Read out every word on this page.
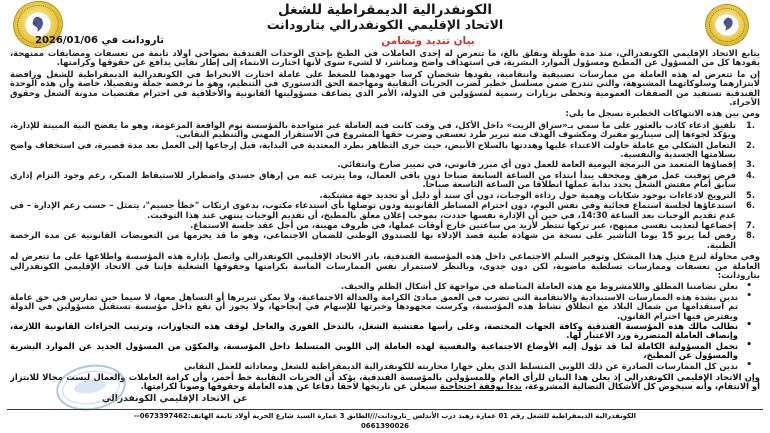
الكونفدرالية الديمقراطية للشغل
الاتحاد الإقليمي الكونفدرالي بتارودانت
بيان تنديد وتضامن
تارودانت في 2026/01/06

يتابع الاتحاد الإقليمي الكونفدرالي، منذ مدة طويلة وبقلق بالغ، ما تتعرض له إحدى العاملات في الطبخ بإحدى الوحدات الفندقية بضواحي أولاد تايمة من تعسفات ومضايقات ممنهجة، يقودها كل من المسؤول عن المطبخ ومسؤول الموارد البشرية، في استهداف واضح ومباشر، لا لشيء سوى لأنها اختارت الانتماء إلى إطار نقابي يدافع عن حقوقها وكرامتها.

إن ما تتعرض له هذه العاملة من ممارسات تضييقية وانتقامية، يقودها شخصان كرسا جهودهما للضغط على عاملة اختارت الانخراط في الكونفدرالية الديمقراطية للشغل ورافضة لابتزازهما وسلوكاتهما المشبوهة، والتي تندرج ضمن مسلسل خطير لضرب الحريات النقابية ومهاجمة الحق الدستوري في التنظيم، وهو ما نرفضه جملة وتفصيلا، خاصة وأن هذه الوحدة الفندقية تستفيد من الصفقات العمومية وتحظى بزيارات رسمية لمسؤولين في الدولة، الأمر الذي يضاعف مسؤوليتها القانونية والأخلاقية في احترام مقتضيات مدونة الشغل وحقوق الأجراء.

ومن بين هذه الانتهاكات الخطيرة نسجل ما يلي:

تلفيق ادعاء كاذب بالعثور على ما سمي بـ«سراق الزيت» داخل الأكل، في وقت كانت فيه العاملة غير متواجدة بالمؤسسة يوم الواقعة المزعومة، وهو ما يفضح النية المبيتة للإدارة، ويؤكد لجوءها إلى سيناريو مفبرك ومكشوف الهدف منه تبرير طرد تعسفي وضرب حقها المشروع في الاستقرار المهني والتنظيم النقابي.
التعامل الشكلي مع عاملة حاولت الاعتداء عليها وهددتها بالسلاح الأبيض، حيث جرى التظاهر بطرد المعتدية في البداية، قبل إرجاعها إلى العمل بعد مدة قصيرة، في استخفاف واضح بسلامتها الجسدية والنفسية.
إقصاؤها المتعمد من البرمجة اليومية العامة للعمل دون أي مبرر قانوني، في تمييز صارخ وانتقائي.
فرض توقيت عمل مرهق ومجحف يبدأ ابتداء من الساعة السابعة صباحا دون باقي العمال، وما يترتب عنه من إرهاق جسدي واضطرار للاستيقاظ المبكر، رغم وجود التزام إداري سابق أمام مفتش الشغل يحدد بداية عملها انطلاقا من الساعة التاسعة صباحا.
الترويج لادعاءات بوجود شكايات وهمية حول رداءة الوجبات، دون أي سند أو دليل أو تحديد جهة مشتكية.
استدعاؤها لجلسة استماع فجائية وفي نفس اليوم، دون احترام المساطر القانونية ودون توصلها بأي استدعاء مكتوب، بدعوى ارتكاب "خطأ جسيم"، يتمثل – حسب زعم الإدارة – في عدم تقديم الوجبات بعد الساعة 14:30، في حين أن الإدارة نفسها حددت، بموجب إعلان معلق بالمطبخ، أن تقديم الوجبات ينتهي عند هذا التوقيت.
إخضاعها لتعذيب نفسي ممنهج، عبر تركها تنتظر لأزيد من ساعتين خارج أوقات عملها، في ظروف مهينة، من أجل عقد جلسة الاستماع.
رفض لما يربو 15 يوما التأشير على نسخة من شهادة طبية قصد الإدلاء بها للصندوق الوطني للضمان الاجتماعي، وهو ما قد يحرمها من التعويضات القانونية عن مدة الرخصة الطبية.

وفي محاولة لنزع فتيل هذا المشكل وتوفير السلم الاجتماعي داخل هذه المؤسسة الفندقية، بادر الاتحاد الإقليمي الكونفدرالي واتصل بإدارة هذه المؤسسة واطلاعها على ما تتعرض له العاملة من تعسفات وممارسات تسلطية ماضوية، لكن دون جدوى، وبالنظر لاستمرار نفس الممارسات الماسة بكرامتها وحقوقها الشغلية فإننا في الاتحاد الإقليمي الكونفدرالي بتارودانت:

• نعلن تضامننا المطلق واللامشروط مع هذه العاملة المناضلة في مواجهة كل أشكال الظلم والحيف.
• ندين بشدة هذه الممارسات الاستبدادية والانتقامية التي تضرب في العمق مبادئ الكرامة والعدالة الاجتماعية، ولا يمكن تبريرها أو التساهل معها، لا سيما حين تمارس في حق عاملة تم استقدامها من شمال البلاد مع انطلاق نشاط هذه المؤسسة، وكرست مجهودها وخبرتها للإسهام في إنجاحها، ولا يجوز أن تقع داخل مؤسسة تستقبل مسؤولين في الدولة ويفترض فيها احترام القانون.
• نطالب مالك هذه المؤسسة الفندقية وكافة الجهات المختصة، وعلى رأسها مفتشية الشغل، بالتدخل الفوري والعاجل لوقف هذه التجاوزات، وترتيب الجزاءات القانونية اللازمة، وإنصاف العاملة المتضررة ورد الاعتبار لها.
• نحمل المسؤولية الكاملة لما قد تؤول إليه الأوضاع الاجتماعية والنفسية لهذه العاملة إلى اللوبي المتسلط داخل المؤسسة، والمكوّن من المسؤول الجديد عن الموارد البشرية والمسؤول عن المطبخ،
• ندين كل الممارسات الصادرة عن ذلك اللوبي المتسلط الذي يعلن جهارا محاربته للكونفدرالية الديمقراطية للشغل ومعاداته للعمل النقابي

وإن الاتحاد الإقليمي الكونفدرالي إذ يعلن هذا البيان للرأي العام وللمسؤولين بالمؤسسة الفندقية، يؤكد أن الحريات النقابية خط أحمر، وأن كرامة العاملات والعمال ليست مجالا للابتزاز أو الانتقام، وأنه سيخوض كل الأشكال النضالية المشروعة، بدءا بوقفة احتجاجية سيعلن عن تاريخها لاحقا دفاعا عن هذه العاملة وحقوقها وصونا لكرامتها.

عن الاتحاد الإقليمي الكونفدرالي
الكونفدرالية الديمقراطية للشغل رقم 01 عمارة زهيد درب الأندلس _تارودانت///الطابق 3 عمارة السيد شارع الحرية أولاد تايمة الهاتف:0673397462--
0661390026
